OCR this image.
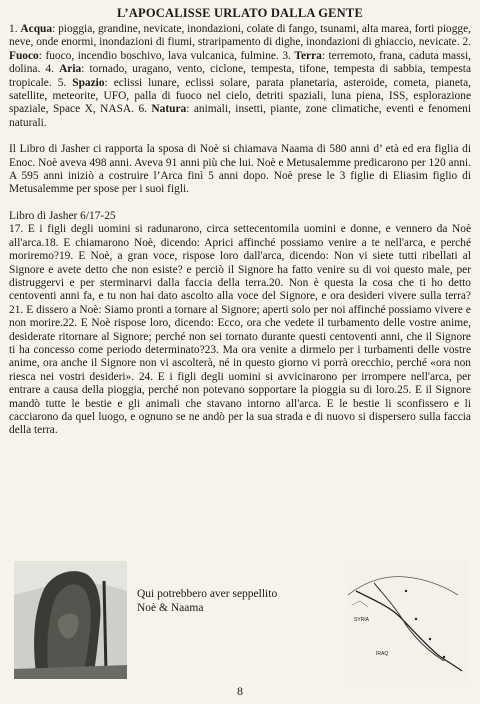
L’APOCALISSE URLATO DALLA GENTE

1. Acqua: pioggia, grandine, nevicate, inondazioni, colate di fango, tsunami, alta marea, forti piogge, neve, onde enormi, inondazioni di fiumi, straripamento di dighe, inondazioni di ghiaccio, nevicate. 2. Fuoco: fuoco, incendio boschivo, lava vulcanica, fulmine. 3. Terra: terremoto, frana, caduta massi, dolina. 4. Aria: tornado, uragano, vento, ciclone, tempesta, tifone, tempesta di sabbia, tempesta tropicale. 5. Spazio: eclissi lunare, eclissi solare, parata planetaria, asteroide, cometa, pianeta, satellite, meteorite, UFO, palla di fuoco nel cielo, detriti spaziali, luna piena, ISS, esplorazione spaziale, Space X, NASA. 6. Natura: animali, insetti, piante, zone climatiche, eventi e fenomeni naturali.

Il Libro di Jasher ci rapporta la sposa di Noè si chiamava Naama di 580 anni d’ età ed era figlia di Enoc. Noè aveva 498 anni. Aveva 91 anni più che lui. Noè e Metusalemme predicarono per 120 anni. A 595 anni iniziò a costruire l’Arca finì 5 anni dopo. Noè prese le 3 figlie di Eliasim figlio di Metusalemme per spose per i suoi figli.

Libro di Jasher 6/17-25

17. E i figli degli uomini si radunarono, circa settecentomila uomini e donne, e vennero da Noè all'arca.18. E chiamarono Noè, dicendo: Aprici affinché possiamo venire a te nell'arca, e perché moriremo?19. E Noè, a gran voce, rispose loro dall'arca, dicendo: Non vi siete tutti ribellati al Signore e avete detto che non esiste? e perciò il Signore ha fatto venire su di voi questo male, per distruggervi e per sterminarvi dalla faccia della terra.20. Non è questa la cosa che ti ho detto centoventi anni fa, e tu non hai dato ascolto alla voce del Signore, e ora desideri vivere sulla terra?21. E dissero a Noè: Siamo pronti a tornare al Signore; aperti solo per noi affinché possiamo vivere e non morire.22. E Noè rispose loro, dicendo: Ecco, ora che vedete il turbamento delle vostre anime, desiderate ritornare al Signore; perché non sei tornato durante questi centoventi anni, che il Signore ti ha concesso come periodo determinato?23. Ma ora venite a dirmelo per i turbamenti delle vostre anime, ora anche il Signore non vi ascolterà, né in questo giorno vi porrà orecchio, perché «ora non riesca nei vostri desideri». 24. E i figli degli uomini si avvicinarono per irrompere nell'arca, per entrare a causa della pioggia, perché non potevano sopportare la pioggia su di loro.25. E il Signore mandò tutte le bestie e gli animali che stavano intorno all'arca. E le bestie li sconfissero e li cacciarono da quel luogo, e ognuno se ne andò per la sua strada e di nuovo si dispersero sulla faccia della terra.

Qui potrebbero aver seppellito
Noè & Naama
SYRIA
IRAQ
8
